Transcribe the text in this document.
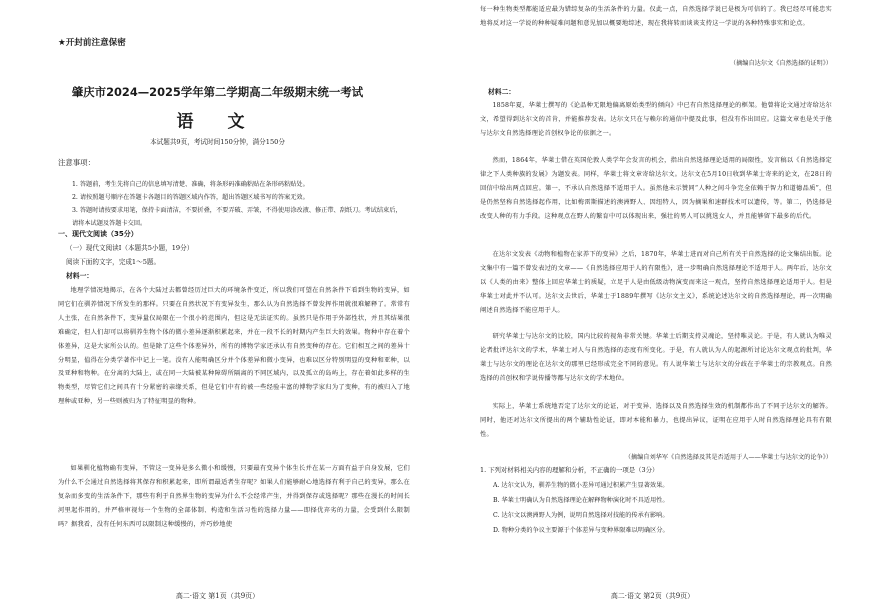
★开封前注意保密
肇庆市2024—2025学年第二学期高二年级期末统一考试
语 文
本试题共9页，考试时间150分钟，满分150分
注意事项：
1. 答题前，考生先将自己的信息填写清楚、准确，将条形码准确粘贴在条形码粘贴处。
2. 请按照题号顺序在答题卡各题目的答题区域内作答，超出答题区域书写的答案无效。
3. 答题时请按要求用笔，保持卡面清洁，不要折叠，不要弄破、弄皱，不得使用涂改液、修正带、刮纸刀。考试结束后，请将本试题及答题卡交回。
一、现代文阅读（35分）
（一）现代文阅读Ⅰ（本题共5小题，19分）
阅读下面的文字，完成1～5题。
材料一：

地理学情况地揭示，在各个大陆过去都曾经历过巨大的环境条件变迁，所以我们可望在自然条件下看到生物的变异，如同它们在驯养情况下所发生的那样。只要在自然状况下有变异发生，那么认为自然选择不曾发挥作用就很难解释了。常常有人主张，在自然条件下，变异量仅局限在一个很小的范围内，但这是无法证实的。虽然只是作用于外部性状，并且其结果很难确定，但人们却可以将驯养生物个体的微小差异逐渐积累起来，并在一段不长的时期内产生巨大的效果。物种中存在着个体差异，这是大家所公认的。但是除了这些个体差异外，所有的博物学家还承认有自然变种的存在。它们相互之间的差异十分明显，值得在分类学著作中记上一笔。没有人能明确区分并个体差异和微小变异，也难以区分特别明显的变种和亚种，以及亚种和物种。在分离的大陆上，或在同一大陆被某种障碍所隔离的不同区域内，以及孤立的岛屿上，存在着如此多样的生物类型，尽管它们之间具有十分紧密的亲缘关系，但是它们中有的被一些经验丰富的博物学家归为了变种，有的被归入了地理种或亚种，另一些则被归为了特征明显的物种。

如果驯化植物确有变异，不管这一变异是多么微小和缓慢，只要最有变异个体生长并在某一方面有益于自身发展，它们为什么不会通过自然选择将其保存和积累起来，即所谓最适者生存呢？如果人们能够耐心地选择有利于自己的变异，那么在复杂而多变的生活条件下，那些有利于自然界生物的变异为什么不会经常产生，并得到保存或选择呢？那些在漫长的时间长河里起作用的，并严格审视每一个生物的全部体制、构造和生活习性的选择力量——即择优弃劣的力量，会受到什么限制吗？据我看，没有任何东西可以限制这种缓慢的，并巧妙地使

高二·语文 第1页（共9页）

每一种生物类型都能适应最为错综复杂的生活条件的力量。仅此一点，自然选择学说已是极为可信的了。我已经尽可能忠实地将反对这一学说的种种疑难问题和意见加以概要地综述，现在我将转而谈谈支持这一学说的各种特殊事实和论点。

（摘编自达尔文《自然选择的证明》）
材料二：

1858年夏，华莱士撰写的《论品种无限地偏离原始类型的倾向》中已有自然选择理论的框架。他曾将论文通过寄给达尔文，希望得到达尔文的首肯，并能推荐发表。达尔文只在与赖尔的通信中提及此事，但没有作出回应。这篇文章也是关于他与达尔文自然选择理论首创权争论的依据之一。

然而，1864年，华莱士借在英国伦敦人类学年会发言的机会，指出自然选择理论适用的局限性，发言稿以《自然选择定律之下人类种族的发展》为题发表。同样，华莱士将文章寄给达尔文。达尔文在5月10日收到华莱士寄来的论文，在28日的回信中给出两点回应。第一，不承认自然选择不适用于人。虽然他未示赞同“人种之间斗争完全依赖于智力和道德品质”，但是仍然坚称自然选择起作用，比如梅雷斯描述的澳洲野人、因纽特人，因为摘果和速群技术可以遗传，等。第二，仍选择是改变人种的有力手段。这种观点在野人的繁育中可以体现出来，强壮的男人可以挑选女人，并且能够留下最多的后代。

在达尔文发表《动物和植物在家养下的变异》之后，1870年，华莱士进而对自己所有关于自然选择的论文集结出版。论文集中有一篇不曾发表过的文章——《自然选择应用于人的有限性》，进一步明确自然选择理论不适用于人。两年后，达尔文以《人类的由来》整体上回应华莱士的质疑，立足于人是由低级动物演变而来这一观点，坚持自然选择理论适用于人。但是华莱士对此并不认可。达尔文去世后，华莱士于1889年撰写《达尔文主义》，系统论述达尔文的自然选择理论，再一次明确阐述自然选择不能应用于人。

研究华莱士与达尔文的比较，国内比较的视角非常关键。华莱士后期支持灵魂论，坚持唯灵论。于是，有人就认为唯灵论者批评达尔文的学术，华莱士对人与自然选择的态度有所变化。于是，有人就认为人的起源所讨论达尔文观点的批判，华莱士与达尔文的理论在达尔文的那里已经形成完全不同的意见。有人说华莱士与达尔文的分歧在于华莱士的宗教观点。自然选择的首创权和学说传播等都与达尔文的学术地位。

实际上，华莱士系统地否定了达尔文的论证，对于变异、选择以及自然选择生效的机制都作出了不同于达尔文的解答。同时，他还对达尔文所提出的两个辅助性论证，即对本能和暴力，也提出异议，证明在应用于人时自然选择理论具有有限性。

（摘编自刘华军《自然选择及其是否适用于人——华莱士与达尔文的论争》）
1. 下列对材料相关内容的理解和分析，不正确的一项是（3分）
A. 达尔文认为，驯养生物的微小差异可通过积累产生显著效果。
B. 华莱士明确认为自然选择理论在解释物种演化时不具适用性。
C. 达尔文以澳洲野人为例，说明自然选择对技能的传承有影响。
D. 物种分类的争议主要源于个体差异与变种界限难以明确区分。
高二·语文 第2页（共9页）
